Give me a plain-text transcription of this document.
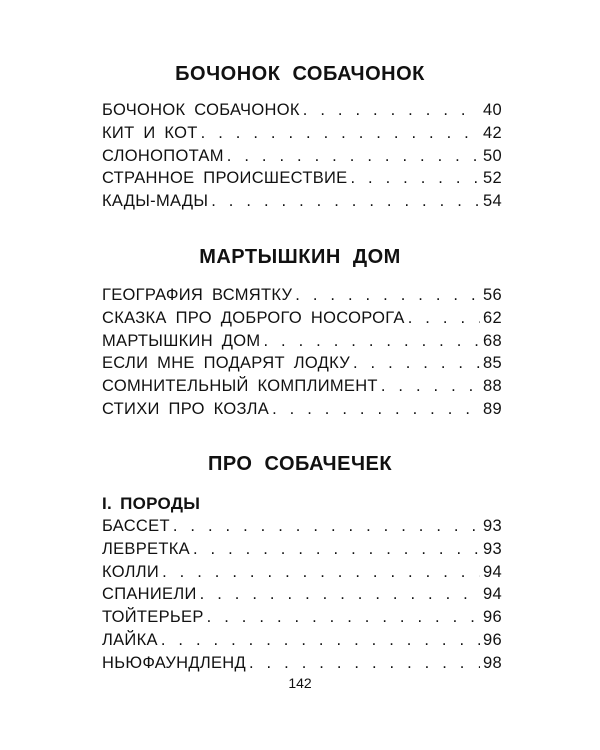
БОЧОНОК СОБАЧОНОК
БОЧОНОК СОБАЧОНОК . . .	40
КИТ И КОТ . . .	42
СЛОНОПОТАМ . . .	50
СТРАННОЕ ПРОИСШЕСТВИЕ . . .	52
КАДЫ-МАДЫ . . .	54
МАРТЫШКИН ДОМ
ГЕОГРАФИЯ ВСМЯТКУ . . .	56
СКАЗКА ПРО ДОБРОГО НОСОРОГА . . .	62
МАРТЫШКИН ДОМ . . .	68
ЕСЛИ МНЕ ПОДАРЯТ ЛОДКУ . . .	85
СОМНИТЕЛЬНЫЙ КОМПЛИМЕНТ . . .	88
СТИХИ ПРО КОЗЛА . . .	89
ПРО СОБАЧЕЧЕК
I. ПОРОДЫ
БАССЕТ . . .	93
ЛЕВРЕТКА . . .	93
КОЛЛИ . . .	94
СПАНИЕЛИ . . .	94
ТОЙТЕРЬЕР . . .	96
ЛАЙКА . . .	96
НЬЮФАУНДЛЕНД . . .	98
142
